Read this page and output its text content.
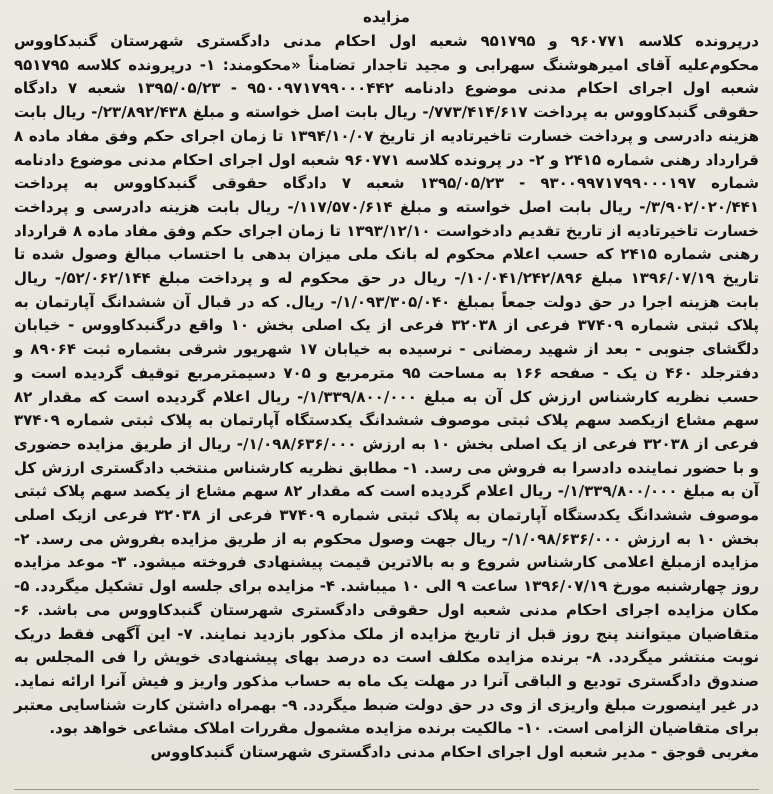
مزایده

درپرونده کلاسه ۹۶۰۷۷۱ و ۹۵۱۷۹۵ شعبه اول احکام مدنی دادگستری شهرستان گنبدکاووس محکوم‌علیه آقای امیرهوشنگ سهرابی و مجید تاجدار تضامناً «محکومند: ۱- درپرونده کلاسه ۹۵۱۷۹۵ شعبه اول اجرای احکام مدنی موضوع دادنامه ۹۵۰۰۹۷۱۷۹۹۰۰۰۴۴۲ - ۱۳۹۵/۰۵/۲۳ شعبه ۷ دادگاه حقوقی گنبدکاووس به پرداخت ۷۷۳/۴۱۴/۶۱۷/- ریال بابت اصل خواسته و مبلغ ۲۳/۸۹۲/۴۳۸/- ریال بابت هزینه دادرسی و پرداخت خسارت تاخیرتادیه از تاریخ ۱۳۹۴/۱۰/۰۷ تا زمان اجرای حکم وفق مفاد ماده ۸ قرارداد رهنی شماره ۲۴۱۵ و ۲- در پرونده کلاسه ۹۶۰۷۷۱ شعبه اول اجرای احکام مدنی موضوع دادنامه شماره ۹۳۰۰۹۹۷۱۷۹۹۰۰۰۱۹۷ - ۱۳۹۵/۰۵/۲۳ شعبه ۷ دادگاه حقوقی گنبدکاووس به پرداخت ۳/۹۰۲/۰۲۰/۴۴۱/- ریال بابت اصل خواسته و مبلغ ۱۱۷/۵۷۰/۶۱۴/- ریال بابت هزینه دادرسی و پرداخت خسارت تاخیرتادیه از تاریخ تقدیم دادخواست ۱۳۹۳/۱۲/۱۰ تا زمان اجرای حکم وفق مفاد ماده ۸ قرارداد رهنی شماره ۲۴۱۵ که حسب اعلام محکوم له بانک ملی میزان بدهی با احتساب مبالغ وصول شده تا تاریخ ۱۳۹۶/۰۷/۱۹ مبلغ ۱۰/۰۴۱/۲۴۲/۸۹۶/- ریال در حق محکوم له و پرداخت مبلغ ۵۲/۰۶۲/۱۴۴/- ریال بابت هزینه اجرا در حق دولت جمعاً بمبلغ ۱/۰۹۳/۳۰۵/۰۴۰/- ریال. که در قبال آن ششدانگ آپارتمان به پلاک ثبتی شماره ۳۷۴۰۹ فرعی از ۳۲۰۳۸ فرعی از یک اصلی بخش ۱۰ واقع درگنبدکاووس - خیابان دلگشای جنوبی - بعد از شهید رمضانی - نرسیده به خیابان ۱۷ شهریور شرقی بشماره ثبت ۸۹۰۶۴ و دفترجلد ۴۶۰ ن یک - صفحه ۱۶۶ به مساحت ۹۵ مترمربع و ۷۰۵ دسیمترمربع توقیف گردیده است و حسب نظریه کارشناس ارزش کل آن به مبلغ ۱/۳۳۹/۸۰۰/۰۰۰/- ریال اعلام گردیده است که مقدار ۸۲ سهم مشاع ازیکصد سهم پلاک ثبتی موصوف ششدانگ یکدستگاه آپارتمان به پلاک ثبتی شماره ۳۷۴۰۹ فرعی از ۳۲۰۳۸ فرعی از یک اصلی بخش ۱۰ به ارزش ۱/۰۹۸/۶۳۶/۰۰۰/- ریال از طریق مزایده حضوری و با حضور نماینده دادسرا به فروش می رسد. ۱- مطابق نظریه کارشناس منتخب دادگستری ارزش کل آن به مبلغ ۱/۳۳۹/۸۰۰/۰۰۰/- ریال اعلام گردیده است که مقدار ۸۲ سهم مشاع از یکصد سهم پلاک ثبتی موصوف ششدانگ یکدستگاه آپارتمان به پلاک ثبتی شماره ۳۷۴۰۹ فرعی از ۳۲۰۳۸ فرعی ازیک اصلی بخش ۱۰ به ارزش ۱/۰۹۸/۶۳۶/۰۰۰/- ریال جهت وصول محکوم به از طریق مزایده بفروش می رسد. ۲- مزایده ازمبلغ اعلامی کارشناس شروع و به بالاترین قیمت پیشنهادی فروخته میشود. ۳- موعد مزایده روز چهارشنبه مورخ ۱۳۹۶/۰۷/۱۹ ساعت ۹ الی ۱۰ میباشد. ۴- مزایده برای جلسه اول تشکیل میگردد. ۵- مکان مزایده اجرای احکام مدنی شعبه اول حقوقی دادگستری شهرستان گنبدکاووس می باشد. ۶- متقاضیان میتوانند پنج روز قبل از تاریخ مزایده از ملک مذکور بازدید نمایند. ۷- این آگهی فقط دریک نوبت منتشر میگردد. ۸- برنده مزایده مکلف است ده درصد بهای پیشنهادی خویش را فی المجلس به صندوق دادگستری تودیع و الباقی آنرا در مهلت یک ماه به حساب مذکور واریز و فیش آنرا ارائه نماید. در غیر اینصورت مبلغ واریزی از وی در حق دولت ضبط میگردد. ۹- بهمراه داشتن کارت شناسایی معتبر برای متقاضیان الزامی است. ۱۰- مالکیت برنده مزایده مشمول مقررات املاک مشاعی خواهد بود.

مغربی قوجق - مدیر شعبه اول اجرای احکام مدنی دادگستری شهرستان گنبدکاووس
